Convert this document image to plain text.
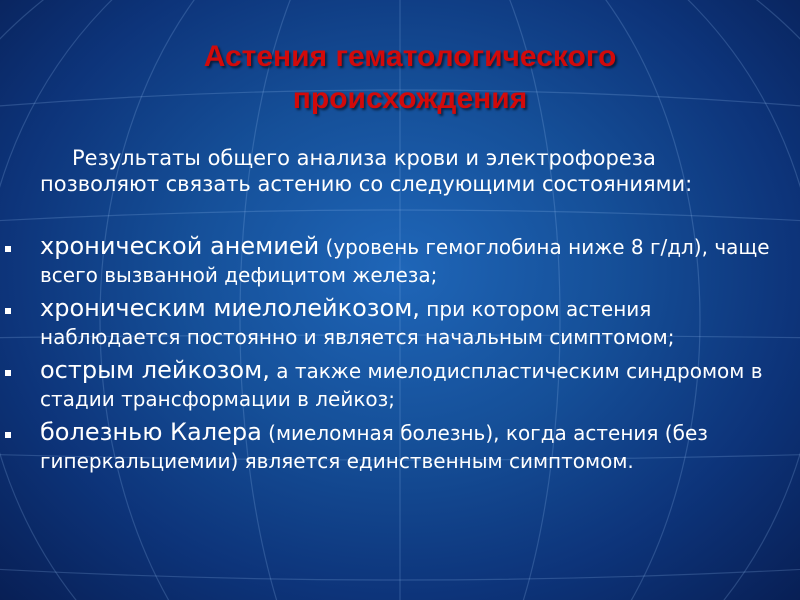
Астения гематологического
происхождения

Результаты общего анализа крови и электрофореза позволяют связать астению со следующими состояниями:

хронической анемией (уровень гемоглобина ниже 8 г/дл), чаще всего вызванной дефицитом железа;

хроническим миелолейкозом, при котором астения наблюдается постоянно и является начальным симптомом;

острым лейкозом, а также миелодиспластическим синдромом в стадии трансформации в лейкоз;

болезнью Калера (миеломная болезнь), когда астения (без гиперкальциемии) является единственным симптомом.
